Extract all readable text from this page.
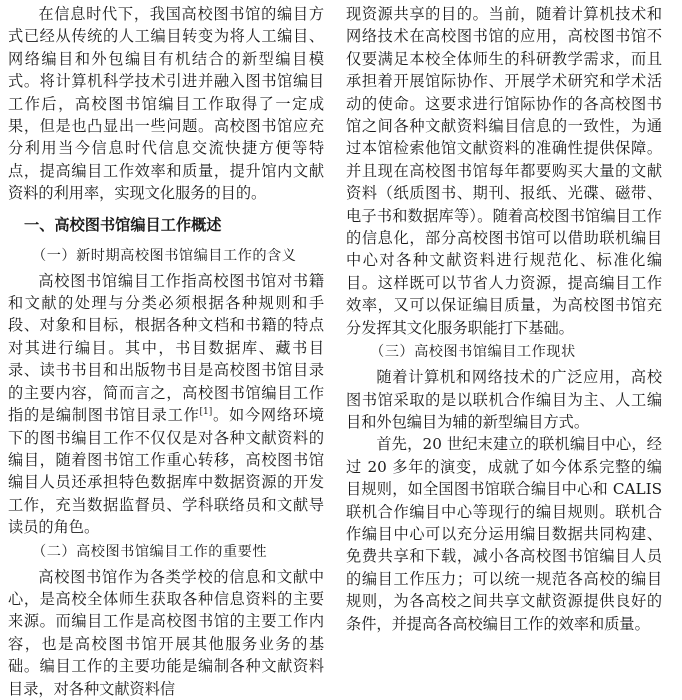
在信息时代下，我国高校图书馆的编目方式已经从传统的人工编目转变为将人工编目、网络编目和外包编目有机结合的新型编目模式。将计算机科学技术引进并融入图书馆编目工作后，高校图书馆编目工作取得了一定成果，但是也凸显出一些问题。高校图书馆应充分利用当今信息时代信息交流快捷方便等特点，提高编目工作效率和质量，提升馆内文献资料的利用率，实现文化服务的目的。

一、高校图书馆编目工作概述
（一）新时期高校图书馆编目工作的含义

高校图书馆编目工作指高校图书馆对书籍和文献的处理与分类必须根据各种规则和手段、对象和目标，根据各种文档和书籍的特点对其进行编目。其中，书目数据库、藏书目录、读书书目和出版物书目是高校图书馆目录的主要内容，简而言之，高校图书馆编目工作指的是编制图书馆目录工作[1]。如今网络环境下的图书编目工作不仅仅是对各种文献资料的编目，随着图书馆工作重心转移，高校图书馆编目人员还承担特色数据库中数据资源的开发工作，充当数据监督员、学科联络员和文献导读员的角色。

（二）高校图书馆编目工作的重要性

高校图书馆作为各类学校的信息和文献中心，是高校全体师生获取各种信息资料的主要来源。而编目工作是高校图书馆的主要工作内容，也是高校图书馆开展其他服务业务的基础。编目工作的主要功能是编制各种文献资料目录，对各种文献资料信

现资源共享的目的。当前，随着计算机技术和网络技术在高校图书馆的应用，高校图书馆不仅要满足本校全体师生的科研教学需求，而且承担着开展馆际协作、开展学术研究和学术活动的使命。这要求进行馆际协作的各高校图书馆之间各种文献资料编目信息的一致性，为通过本馆检索他馆文献资料的准确性提供保障。并且现在高校图书馆每年都要购买大量的文献资料（纸质图书、期刊、报纸、光碟、磁带、电子书和数据库等）。随着高校图书馆编目工作的信息化，部分高校图书馆可以借助联机编目中心对各种文献资料进行规范化、标准化编目。这样既可以节省人力资源，提高编目工作效率，又可以保证编目质量，为高校图书馆充分发挥其文化服务职能打下基础。

（三）高校图书馆编目工作现状

随着计算机和网络技术的广泛应用，高校图书馆采取的是以联机合作编目为主、人工编目和外包编目为辅的新型编目方式。

首先，20 世纪末建立的联机编目中心，经过 20 多年的演变，成就了如今体系完整的编目规则，如全国图书馆联合编目中心和 CALIS 联机合作编目中心等现行的编目规则。联机合作编目中心可以充分运用编目数据共同构建、免费共享和下载，减小各高校图书馆编目人员的编目工作压力；可以统一规范各高校的编目规则，为各高校之间共享文献资源提供良好的条件，并提高各高校编目工作的效率和质量。
